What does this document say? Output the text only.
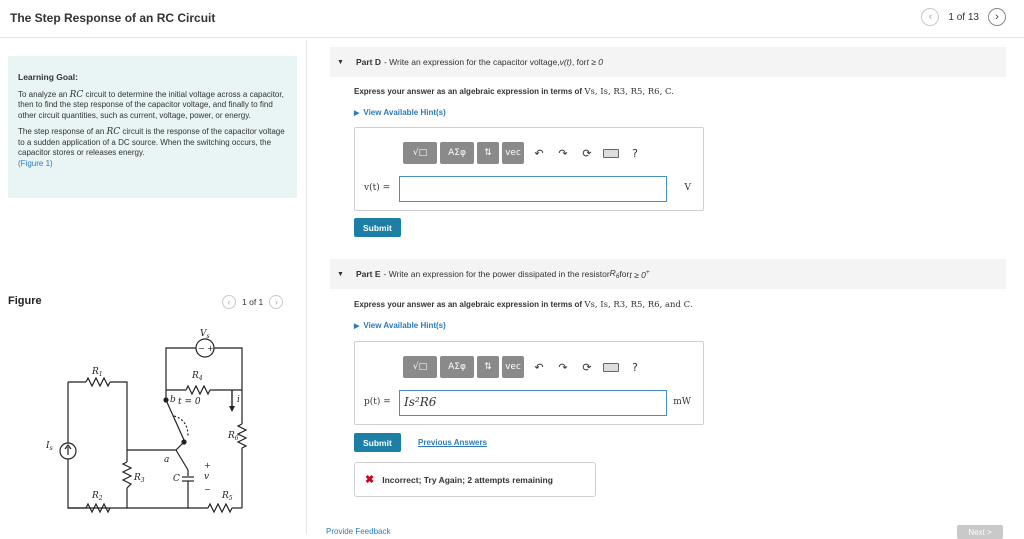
The Step Response of an RC Circuit	‹ 1 of 13 ›
Learning Goal:

To analyze an RC circuit to determine the initial voltage across a capacitor, then to find the step response of the capacitor voltage, and finally to find other circuit quantities, such as current, voltage, power, or energy.

The step response of an RC circuit is the response of the capacitor voltage to a sudden application of a DC source. When the switching occurs, the capacitor stores or releases energy.
(Figure 1)

Figure	‹ 1 of 1 ›
$V_s$
− +
$R_1$	$R_4$
$R_6$
$R_3$
$R_2$	$R_5$
$I_s$
b
a
t = 0	i
C	v
+
−
▼ Part D - Write an expression for the capacitor voltage, v(t) , for t ≥ 0
Express your answer as an algebraic expression in terms of Vs, Is, R3, R5, R6, C.
▶ View Available Hint(s)
√□	ΑΣφ	⇅	vec	↶	↷	⟳	?
v(t) =	V
Submit
▼ Part E - Write an expression for the power dissipated in the resistor $R_6$ for t ≥ 0+
Express your answer as an algebraic expression in terms of Vs, Is, R3, R5, R6, and C.
▶ View Available Hint(s)
√□	ΑΣφ	⇅	vec	↶	↷	⟳	?
p(t) =	Is²R6	mW
Submit	Previous Answers
✖ Incorrect; Try Again; 2 attempts remaining
Provide Feedback	Next >
